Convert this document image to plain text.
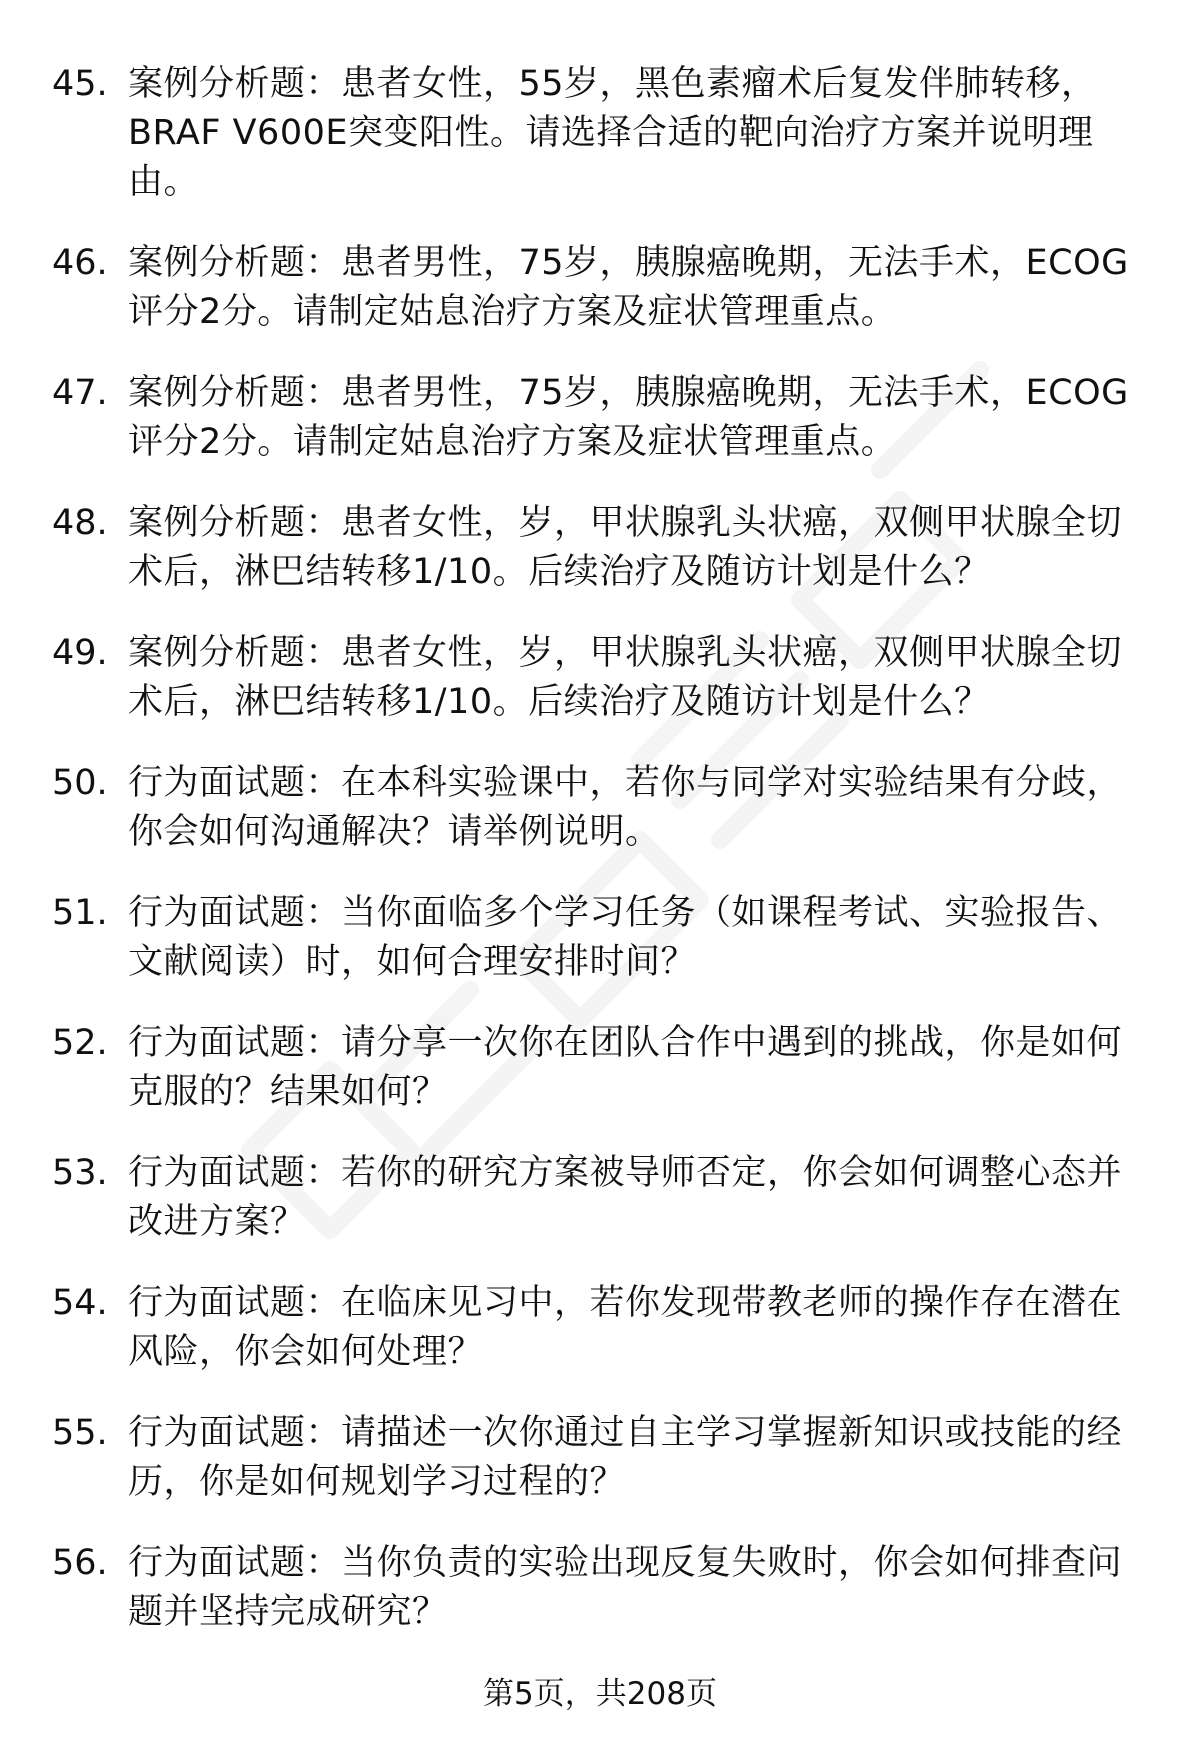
45. 案例分析题：患者女性，55岁，黑色素瘤术后复发伴肺转移，BRAF V600E突变阳性。请选择合适的靶向治疗方案并说明理由。
46. 案例分析题：患者男性，75岁，胰腺癌晚期，无法手术，ECOG评分2分。请制定姑息治疗方案及症状管理重点。
47. 案例分析题：患者男性，75岁，胰腺癌晚期，无法手术，ECOG评分2分。请制定姑息治疗方案及症状管理重点。
48. 案例分析题：患者女性，岁，甲状腺乳头状癌，双侧甲状腺全切术后，淋巴结转移1/10。后续治疗及随访计划是什么？
49. 案例分析题：患者女性，岁，甲状腺乳头状癌，双侧甲状腺全切术后，淋巴结转移1/10。后续治疗及随访计划是什么？
50. 行为面试题：在本科实验课中，若你与同学对实验结果有分歧，你会如何沟通解决？请举例说明。
51. 行为面试题：当你面临多个学习任务（如课程考试、实验报告、文献阅读）时，如何合理安排时间？
52. 行为面试题：请分享一次你在团队合作中遇到的挑战，你是如何克服的？结果如何？
53. 行为面试题：若你的研究方案被导师否定，你会如何调整心态并改进方案？
54. 行为面试题：在临床见习中，若你发现带教老师的操作存在潜在风险，你会如何处理？
55. 行为面试题：请描述一次你通过自主学习掌握新知识或技能的经历，你是如何规划学习过程的？
56. 行为面试题：当你负责的实验出现反复失败时，你会如何排查问题并坚持完成研究？
第5页，共208页
